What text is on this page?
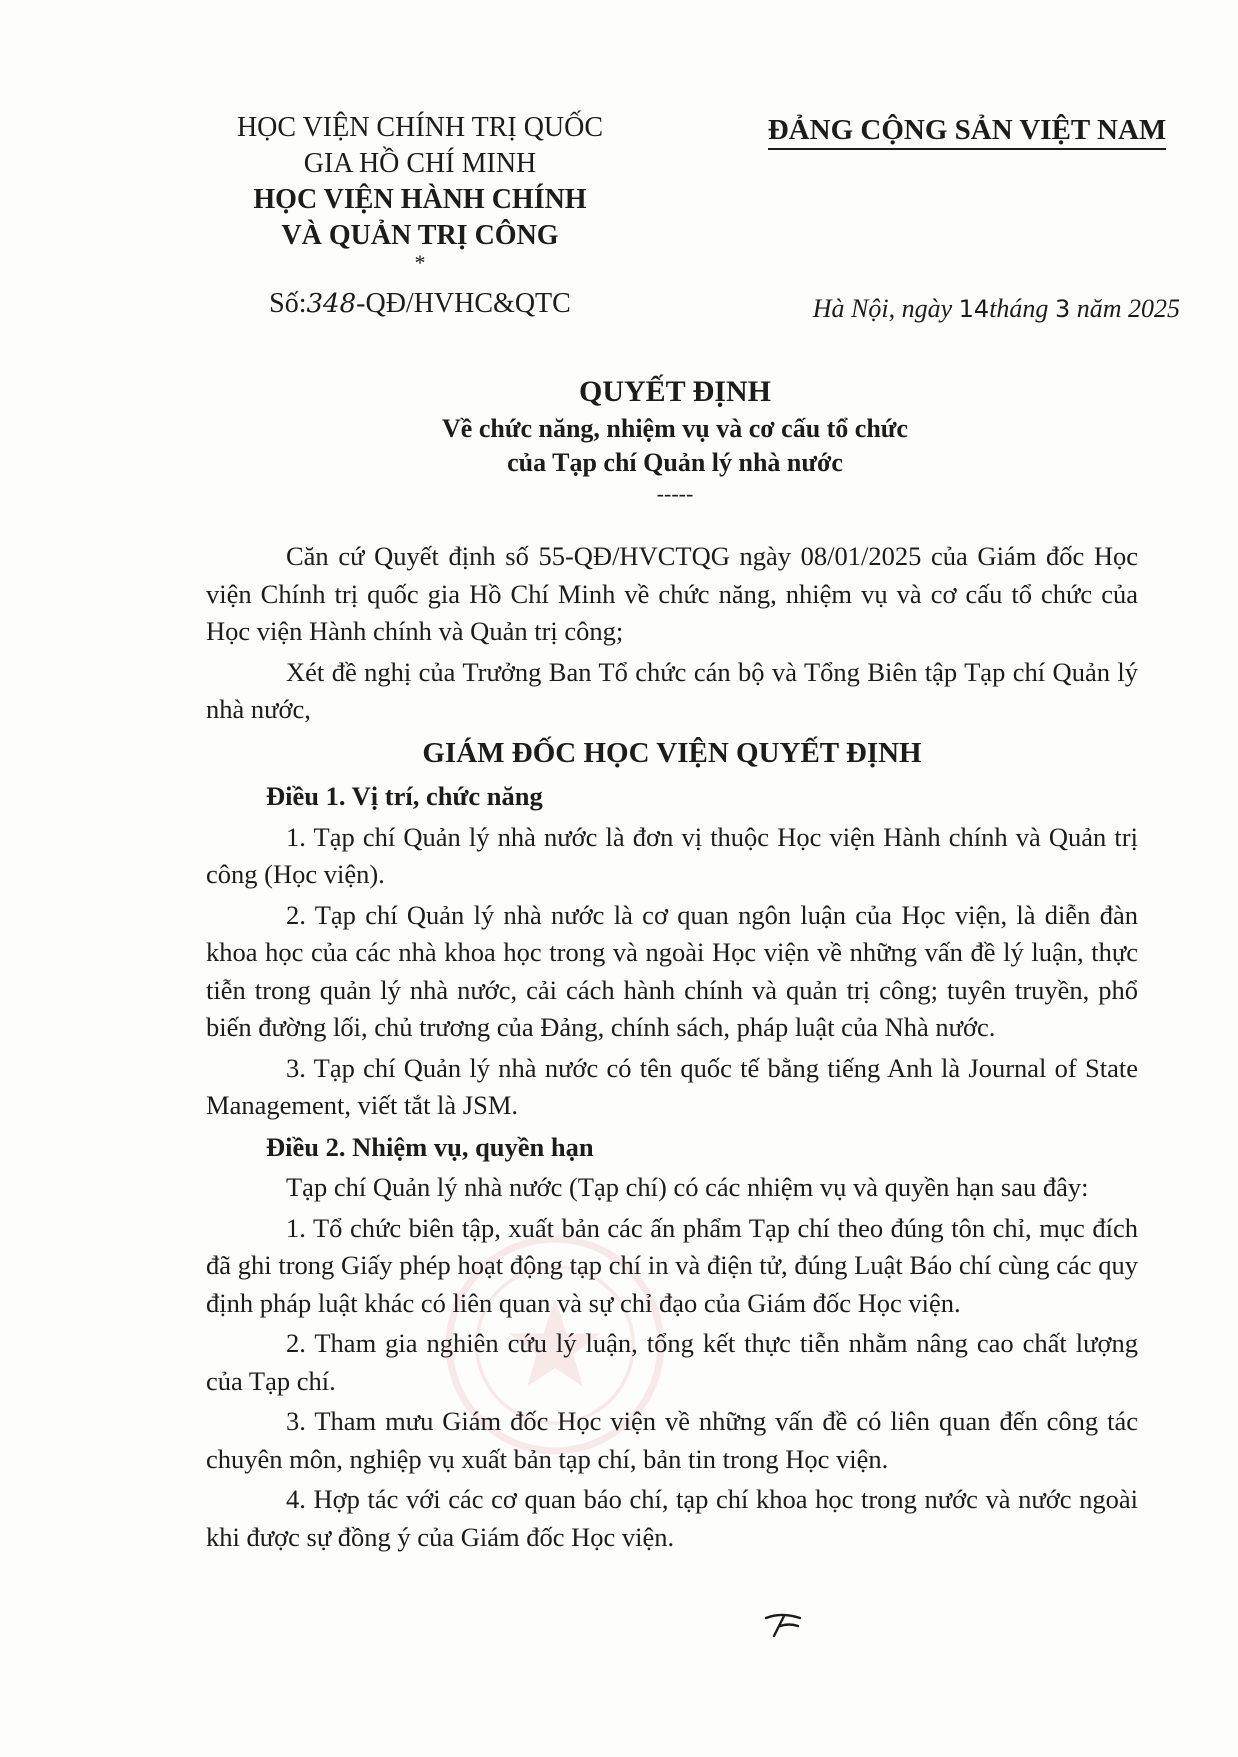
HỌC VIỆN CHÍNH TRỊ QUỐC
GIA HỒ CHÍ MINH
HỌC VIỆN HÀNH CHÍNH
VÀ QUẢN TRỊ CÔNG
*
Số:348-QĐ/HVHC&QTC
ĐẢNG CỘNG SẢN VIỆT NAM
Hà Nội, ngày 14tháng 3 năm 2025
QUYẾT ĐỊNH
Về chức năng, nhiệm vụ và cơ cấu tổ chức
của Tạp chí Quản lý nhà nước
-----

Căn cứ Quyết định số 55-QĐ/HVCTQG ngày 08/01/2025 của Giám đốc Học viện Chính trị quốc gia Hồ Chí Minh về chức năng, nhiệm vụ và cơ cấu tổ chức của Học viện Hành chính và Quản trị công;

Xét đề nghị của Trưởng Ban Tổ chức cán bộ và Tổng Biên tập Tạp chí Quản lý nhà nước,

GIÁM ĐỐC HỌC VIỆN QUYẾT ĐỊNH

Điều 1. Vị trí, chức năng

1. Tạp chí Quản lý nhà nước là đơn vị thuộc Học viện Hành chính và Quản trị công (Học viện).

2. Tạp chí Quản lý nhà nước là cơ quan ngôn luận của Học viện, là diễn đàn khoa học của các nhà khoa học trong và ngoài Học viện về những vấn đề lý luận, thực tiễn trong quản lý nhà nước, cải cách hành chính và quản trị công; tuyên truyền, phổ biến đường lối, chủ trương của Đảng, chính sách, pháp luật của Nhà nước.

3. Tạp chí Quản lý nhà nước có tên quốc tế bằng tiếng Anh là Journal of State Management, viết tắt là JSM.

Điều 2. Nhiệm vụ, quyền hạn

Tạp chí Quản lý nhà nước (Tạp chí) có các nhiệm vụ và quyền hạn sau đây:

1. Tổ chức biên tập, xuất bản các ấn phẩm Tạp chí theo đúng tôn chỉ, mục đích đã ghi trong Giấy phép hoạt động tạp chí in và điện tử, đúng Luật Báo chí cùng các quy định pháp luật khác có liên quan và sự chỉ đạo của Giám đốc Học viện.

2. Tham gia nghiên cứu lý luận, tổng kết thực tiễn nhằm nâng cao chất lượng của Tạp chí.

3. Tham mưu Giám đốc Học viện về những vấn đề có liên quan đến công tác chuyên môn, nghiệp vụ xuất bản tạp chí, bản tin trong Học viện.

4. Hợp tác với các cơ quan báo chí, tạp chí khoa học trong nước và nước ngoài khi được sự đồng ý của Giám đốc Học viện.
